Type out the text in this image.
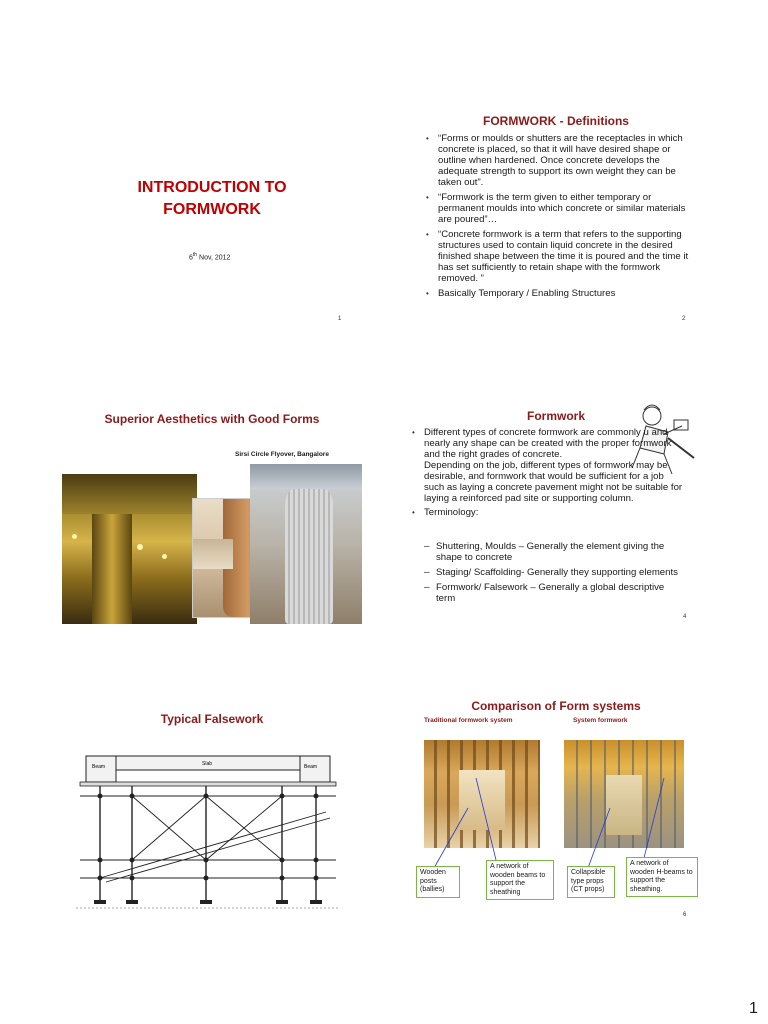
INTRODUCTION TO
FORMWORK
6th Nov, 2012
1
FORMWORK - Definitions
• “Forms or moulds or shutters are the receptacles in which concrete is placed, so that it will have desired shape or outline when hardened. Once concrete develops the adequate strength to support its own weight they can be taken out”.
• “Formwork is the term given to either temporary or permanent moulds into which concrete or similar materials are poured”…
• “Concrete formwork is a term that refers to the supporting structures used to contain liquid concrete in the desired finished shape between the time it is poured and the time it has set sufficiently to retain shape with the formwork removed. ”
• Basically Temporary / Enabling Structures
2
Superior Aesthetics with Good Forms
Sirsi Circle Flyover, Bangalore
Formwork
• Different types of concrete formwork are commonly u and nearly any shape can be created with the proper formwork and the right grades of concrete.
Depending on the job, different types of formwork may be desirable, and formwork that would be sufficient for a job such as laying a concrete pavement might not be suitable for laying a reinforced pad site or supporting column.
• Terminology:
– Shuttering, Moulds – Generally the element giving the shape to concrete
– Staging/ Scaffolding- Generally they supporting elements
– Formwork/ Falsework – Generally a global descriptive term
4
Typical Falsework
Slab
Beam	Beam
Comparison of Form systems
Traditional formwork system	System formwork
Wooden posts (ballies)
A network of wooden beams to support the sheathing
Collapsible type props (CT props)
A network of wooden H-beams to support the sheathing.
6
1
